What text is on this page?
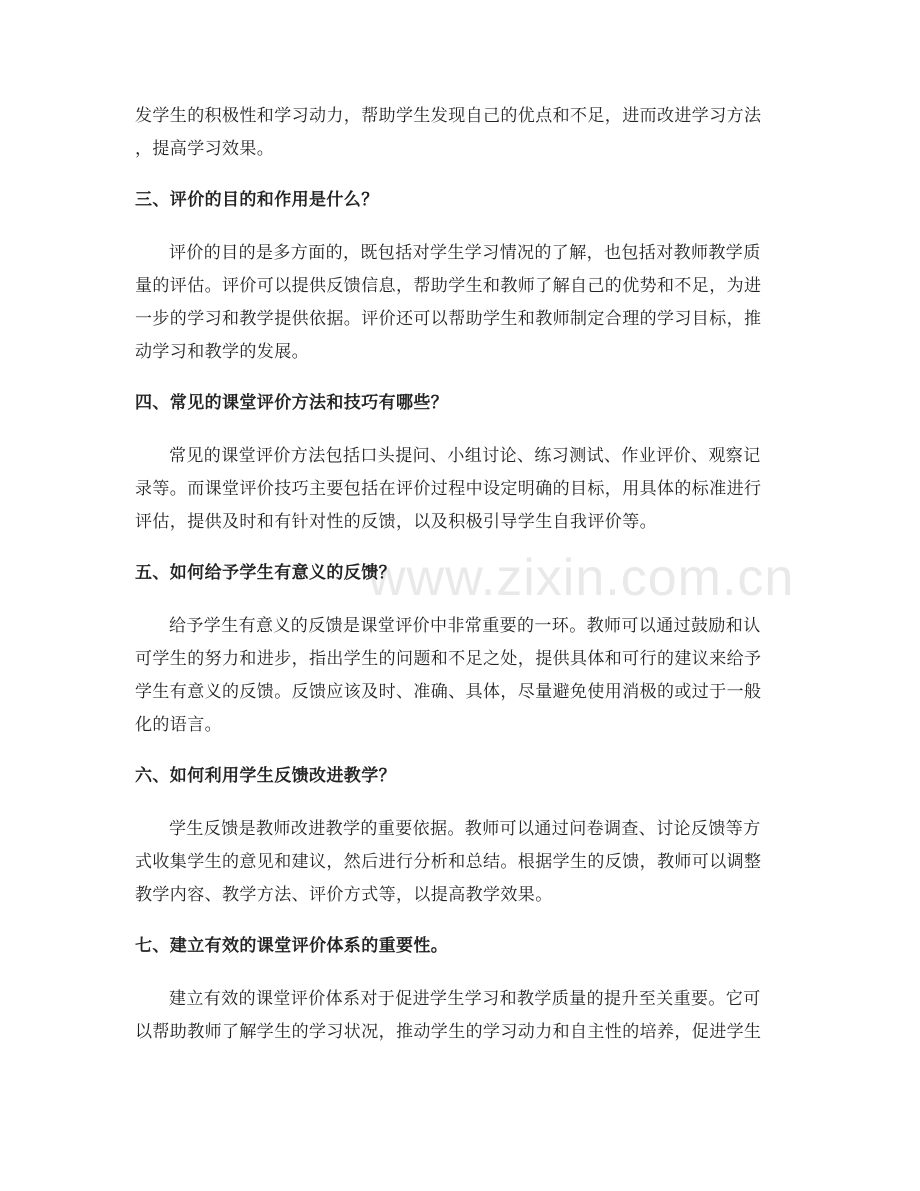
www.zixin.com.cn

发学生的积极性和学习动力，帮助学生发现自己的优点和不足，进而改进学习方法
，提高学习效果。

三、评价的目的和作用是什么？

评价的目的是多方面的，既包括对学生学习情况的了解，也包括对教师教学质
量的评估。评价可以提供反馈信息，帮助学生和教师了解自己的优势和不足，为进
一步的学习和教学提供依据。评价还可以帮助学生和教师制定合理的学习目标，推
动学习和教学的发展。

四、常见的课堂评价方法和技巧有哪些？

常见的课堂评价方法包括口头提问、小组讨论、练习测试、作业评价、观察记
录等。而课堂评价技巧主要包括在评价过程中设定明确的目标，用具体的标准进行
评估，提供及时和有针对性的反馈，以及积极引导学生自我评价等。

五、如何给予学生有意义的反馈？

给予学生有意义的反馈是课堂评价中非常重要的一环。教师可以通过鼓励和认
可学生的努力和进步，指出学生的问题和不足之处，提供具体和可行的建议来给予
学生有意义的反馈。反馈应该及时、准确、具体，尽量避免使用消极的或过于一般
化的语言。

六、如何利用学生反馈改进教学？

学生反馈是教师改进教学的重要依据。教师可以通过问卷调查、讨论反馈等方
式收集学生的意见和建议，然后进行分析和总结。根据学生的反馈，教师可以调整
教学内容、教学方法、评价方式等，以提高教学效果。

七、建立有效的课堂评价体系的重要性。

建立有效的课堂评价体系对于促进学生学习和教学质量的提升至关重要。它可
以帮助教师了解学生的学习状况，推动学生的学习动力和自主性的培养，促进学生
